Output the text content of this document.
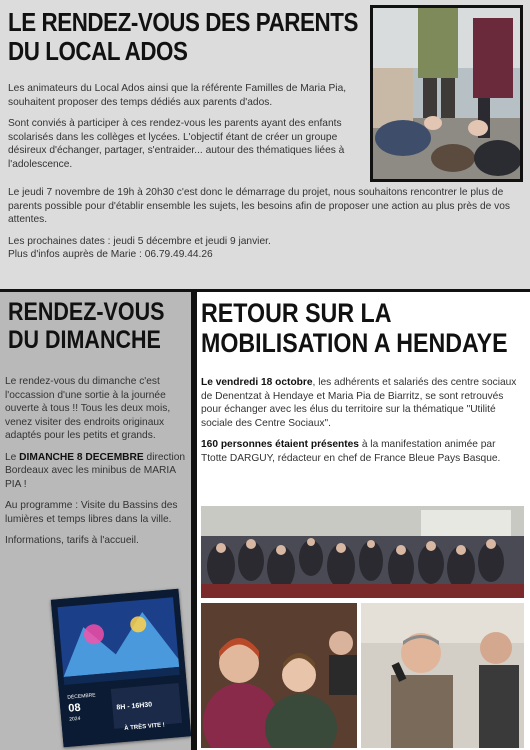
LE RENDEZ-VOUS DES PARENTS
DU LOCAL ADOS

Les animateurs du Local Ados ainsi que la référente Familles de Maria Pia, souhaitent proposer des temps dédiés aux parents d'ados.

Sont conviés à participer à ces rendez-vous les parents ayant des enfants scolarisés dans les collèges et lycées. L'objectif étant de créer un groupe désireux d'échanger, partager, s'entraider... autour des thématiques liées à l'adolescence.

Le jeudi 7 novembre de 19h à 20h30 c'est donc le démarrage du projet, nous souhaitons rencontrer le plus de parents possible pour d'établir ensemble les sujets, les besoins afin de proposer une action au plus près de vos attentes.

Les prochaines dates : jeudi 5 décembre et jeudi 9 janvier.

Plus d'infos auprès de Marie : 06.79.49.44.26

RENDEZ-VOUS
DU DIMANCHE

Le rendez-vous du dimanche c'est l'occassion d'une sortie à la journée ouverte à tous !! Tous les deux mois, venez visiter des endroits originaux adaptés pour les petits et grands.

Le DIMANCHE 8 DECEMBRE direction Bordeaux avec les minibus de MARIA PIA !

Au programme : Visite du Bassins des lumières et temps libres dans la ville.

Informations, tarifs à l'accueil.

DÉCEMBRE
08
2024
8H - 16H30
À TRÈS VITE !
RETOUR SUR LA
MOBILISATION A HENDAYE

Le vendredi 18 octobre, les adhérents et salariés des centre sociaux de Denentzat à Hendaye et Maria Pia de Biarritz, se sont retrouvés pour échanger avec les élus du territoire sur la thématique "Utilité sociale des Centre Sociaux".

160 personnes étaient présentes à la manifestation animée par Ttotte DARGUY, rédacteur en chef de France Bleue Pays Basque.
